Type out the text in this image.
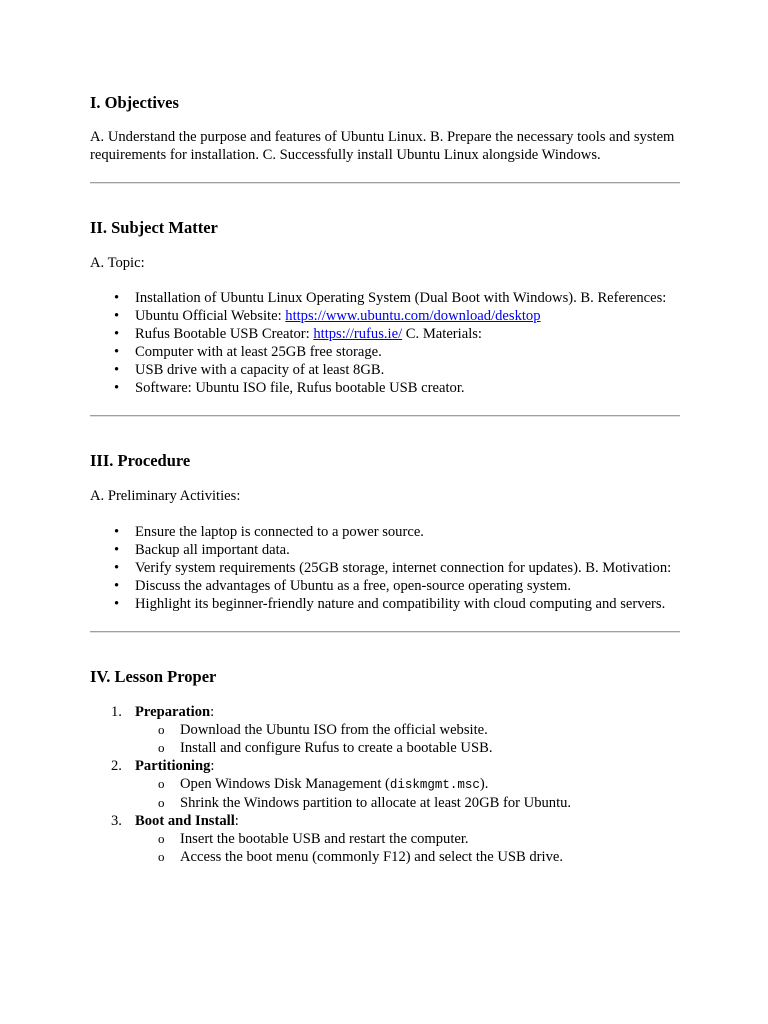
I. Objectives

A. Understand the purpose and features of Ubuntu Linux. B. Prepare the necessary tools and system requirements for installation. C. Successfully install Ubuntu Linux alongside Windows.

II. Subject Matter

A. Topic:

• Installation of Ubuntu Linux Operating System (Dual Boot with Windows). B. References:
• Ubuntu Official Website: https://www.ubuntu.com/download/desktop
• Rufus Bootable USB Creator: https://rufus.ie/ C. Materials:
• Computer with at least 25GB free storage.
• USB drive with a capacity of at least 8GB.
• Software: Ubuntu ISO file, Rufus bootable USB creator.
III. Procedure

A. Preliminary Activities:

• Ensure the laptop is connected to a power source.
• Backup all important data.
• Verify system requirements (25GB storage, internet connection for updates). B. Motivation:
• Discuss the advantages of Ubuntu as a free, open-source operating system.
• Highlight its beginner-friendly nature and compatibility with cloud computing and servers.
IV. Lesson Proper
1. Preparation:
o Download the Ubuntu ISO from the official website.
o Install and configure Rufus to create a bootable USB.
2. Partitioning:
o Open Windows Disk Management (diskmgmt.msc).
o Shrink the Windows partition to allocate at least 20GB for Ubuntu.
3. Boot and Install:
o Insert the bootable USB and restart the computer.
o Access the boot menu (commonly F12) and select the USB drive.
